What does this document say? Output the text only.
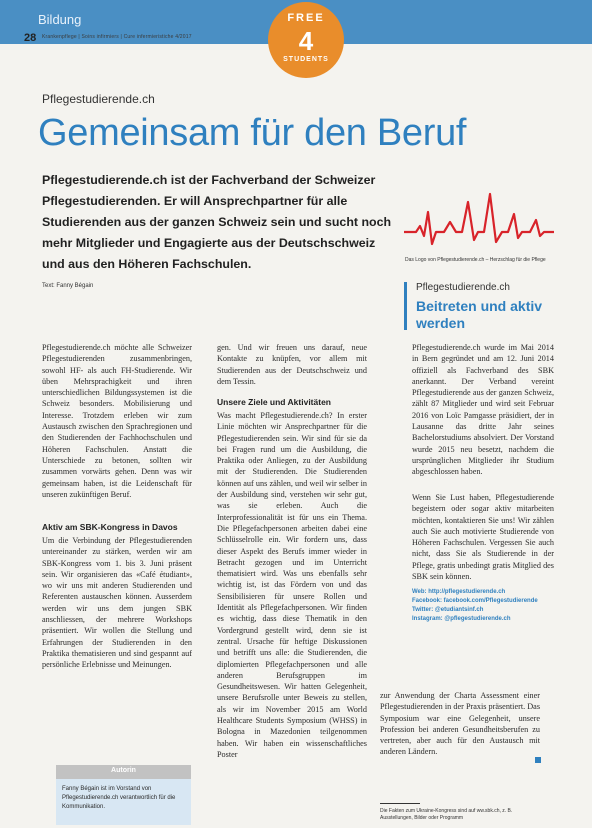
Bildung
28 Krankenpflege | Soins infirmiers | Cure infermieristiche 4/2017
FREE
4
STUDENTS
Pflegestudierende.ch
Gemeinsam für den Beruf
Pflegestudierende.ch ist der Fachverband der Schweizer Pflegestudierenden. Er will Ansprechpartner für alle Studierenden aus der ganzen Schweiz sein und sucht noch mehr Mitglieder und Engagierte aus der Deutschschweiz und aus den Höheren Fachschulen.
Text: Fanny Bégain
Das Logo von Pflegestudierende.ch – Herzschlag für die Pflege
Pflegestudierende.ch
Beitreten und aktiv werden
Pflegestudierende.ch möchte alle Schweizer Pflegestudierenden zusammenbringen, sowohl HF- als auch FH-Studierende. Wir üben Mehrsprachigkeit und ihren unterschiedlichen Bildungssystemen ist die Schweiz besonders. Mobilisierung und Interesse. Trotzdem erleben wir zum Austausch zwischen den Sprachregionen und den Studierenden der Fachhochschulen und Höheren Fachschulen. Anstatt die Unterschiede zu betonen, sollten wir zusammen vorwärts gehen. Denn was wir gemeinsam haben, ist die Leidenschaft für unseren zukünftigen Beruf.
Aktiv am SBK-Kongress in Davos
Um die Verbindung der Pflegestudierenden untereinander zu stärken, werden wir am SBK-Kongress vom 1. bis 3. Juni präsent sein. Wir organisieren das «Café étudiant», wo wir uns mit anderen Studierenden und Referenten austauschen können. Ausserdem werden wir uns dem jungen SBK anschliessen, der mehrere Workshops präsentiert. Wir wollen die Stellung und Erfahrungen der Studierenden in den Praktika thematisieren und sind gespannt auf persönliche Erlebnisse und Meinungen.
Autorin
Fanny Bégain ist im Vorstand von Pflegestudierende.ch verantwortlich für die Kommunikation.
gen. Und wir freuen uns darauf, neue Kontakte zu knüpfen, vor allem mit Studierenden aus der Deutschschweiz und dem Tessin.
Unsere Ziele und Aktivitäten
Was macht Pflegestudierende.ch? In erster Linie möchten wir Ansprechpartner für die Pflegestudierenden sein. Wir sind für sie da bei Fragen rund um die Ausbildung, die Praktika oder Anliegen, zu der Ausbildung mit der Studierenden. Die Studierenden können auf uns zählen, und weil wir selber in der Ausbildung sind, verstehen wir sehr gut, was sie erleben. Auch die Interprofessionalität ist für uns ein Thema. Die Pflegefachpersonen arbeiten dabei eine Schlüsselrolle ein. Wir fordern uns, dass dieser Aspekt des Berufs immer wieder in Betracht gezogen und im Unterricht thematisiert wird. Was uns ebenfalls sehr wichtig ist, ist das Fördern von und das Sensibilisieren für unsere Rollen und Identität als Pflegefachpersonen. Wir finden es wichtig, dass diese Thematik in den Vordergrund gestellt wird, denn sie ist zentral. Ursache für heftige Diskussionen und betrifft uns alle: die Studierenden, die diplomierten Pflegefachpersonen und alle anderen Berufsgruppen im Gesundheitswesen. Wir hatten Gelegenheit, unsere Berufsrolle unter Beweis zu stellen, als wir im November 2015 am World Healthcare Students Symposium (WHSS) in Bologna in Mazedonien teilgenommen haben. Wir haben ein wissenschaftliches Poster
Pflegestudierende.ch wurde im Mai 2014 in Bern gegründet und am 12. Juni 2014 offiziell als Fachverband des SBK anerkannt. Der Verband vereint Pflegestudierende aus der ganzen Schweiz, zählt 87 Mitglieder und wird seit Februar 2016 von Loïc Pamgasse präsidiert, der in Lausanne das dritte Jahr seines Bachelorstudiums absolviert. Der Vorstand wurde 2015 neu besetzt, nachdem die ursprünglichen Mitglieder ihr Studium abgeschlossen haben.
Wenn Sie Lust haben, Pflegestudierende begeistern oder sogar aktiv mitarbeiten möchten, kontaktieren Sie uns! Wir zählen auch Sie auch motivierte Studierende von Höheren Fachschulen. Vergessen Sie auch nicht, dass Sie als Studierende in der Pflege, gratis unbedingt gratis Mitglied des SBK sein können.
Web: http://pflegestudierende.ch
Facebook: facebook.com/Pflegestudierende
Twitter: @etudiantsinf.ch
Instagram: @pflegestudierende.ch
zur Anwendung der Charta Assessment einer Pflegestudierenden in der Praxis präsentiert. Das Symposium war eine Gelegenheit, unsere Profession bei anderen Gesundheitsberufen zu vertreten, aber auch für den Austausch mit anderen Ländern.
Die Fakten zum Ukraine-Kongress sind auf ww.sbk.ch, z. B. Ausstellungen, Bilder oder Programm
